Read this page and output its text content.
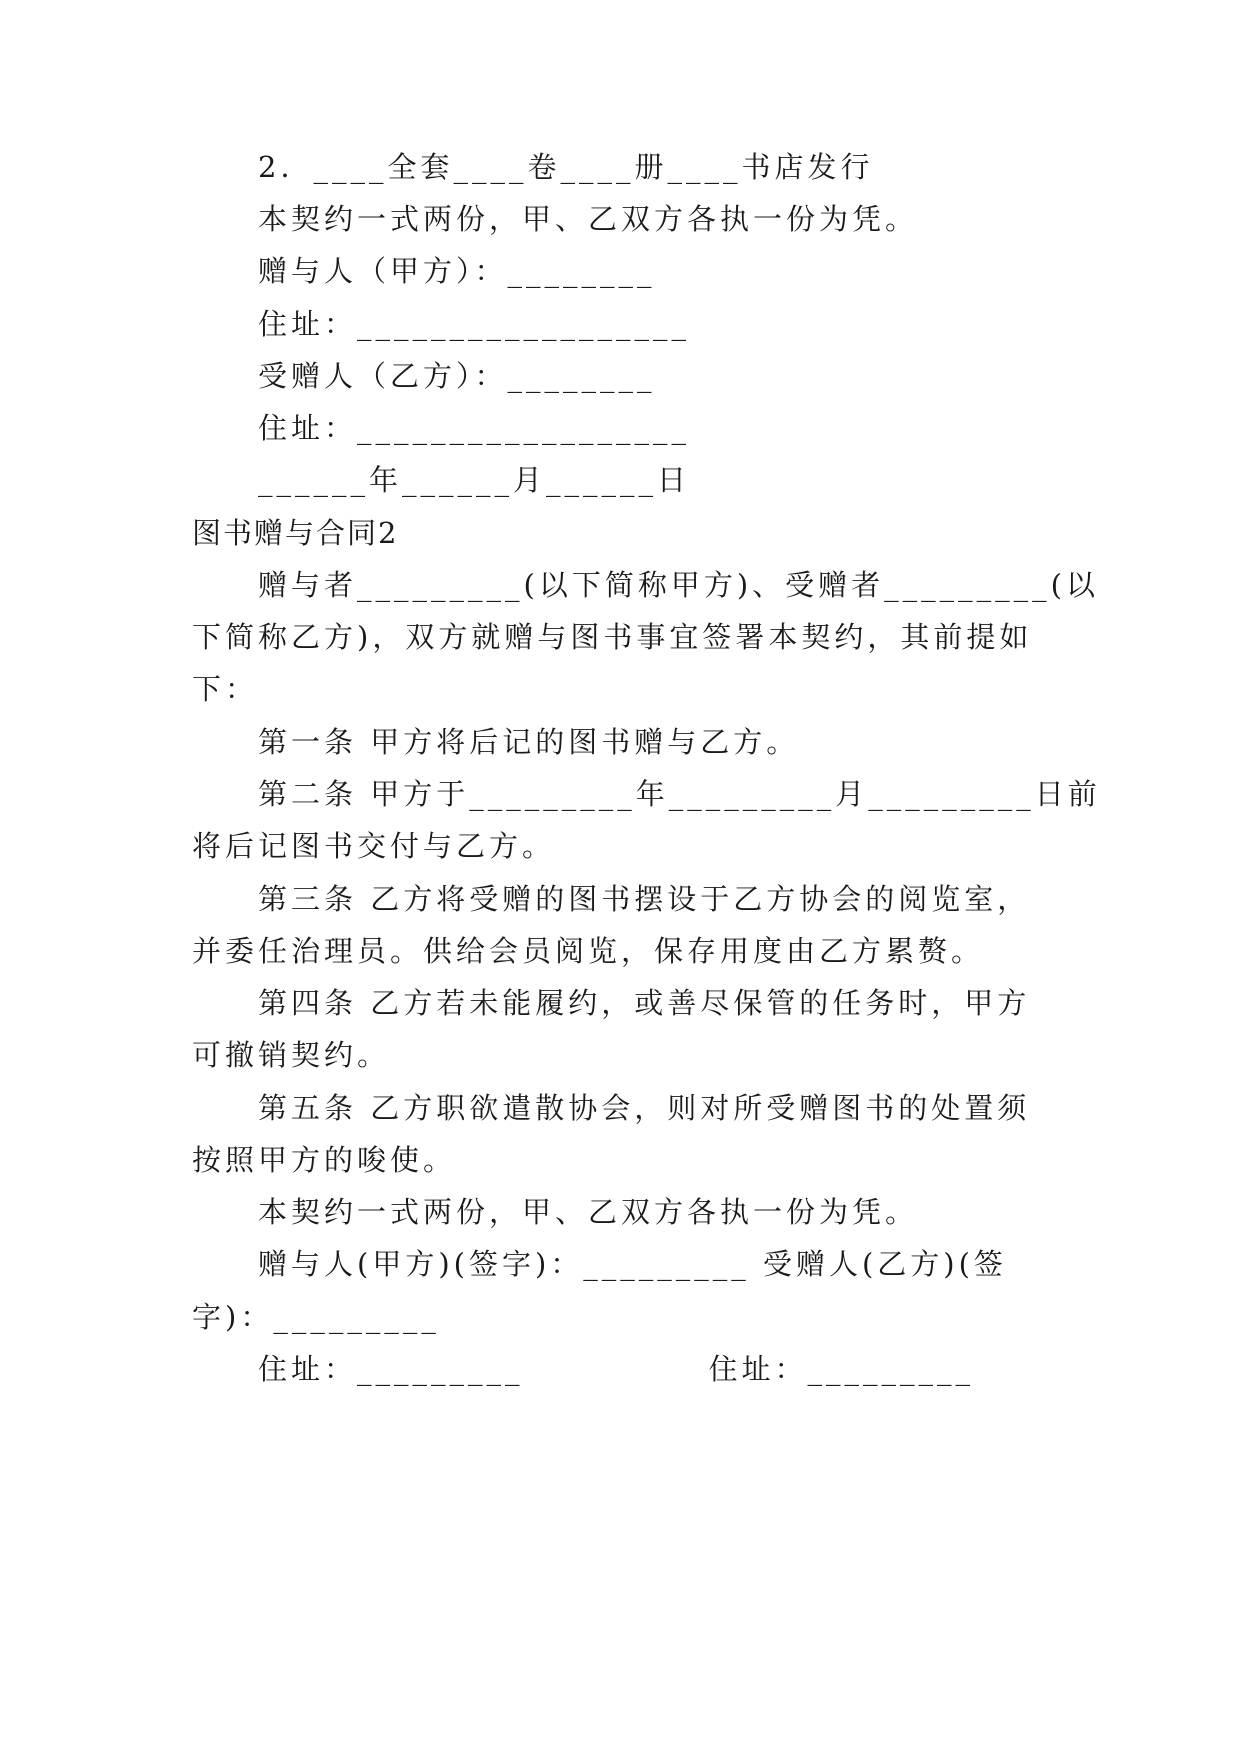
2．____全套____卷____册____书店发行
本契约一式两份，甲、乙双方各执一份为凭。
赠与人（甲方）：________
住址：__________________
受赠人（乙方）：________
住址：__________________
______年______月______日
图书赠与合同2
赠与者_________(以下简称甲方)、受赠者_________(以
下简称乙方)，双方就赠与图书事宜签署本契约，其前提如
下：
第一条 甲方将后记的图书赠与乙方。
第二条 甲方于_________年_________月_________日前
将后记图书交付与乙方。
第三条 乙方将受赠的图书摆设于乙方协会的阅览室，
并委任治理员。供给会员阅览，保存用度由乙方累赘。
第四条 乙方若未能履约，或善尽保管的任务时，甲方
可撤销契约。
第五条 乙方职欲遣散协会，则对所受赠图书的处置须
按照甲方的唆使。
本契约一式两份，甲、乙双方各执一份为凭。
赠与人(甲方)(签字)：_________ 受赠人(乙方)(签
字)：_________
住址：_________              住址：_________
